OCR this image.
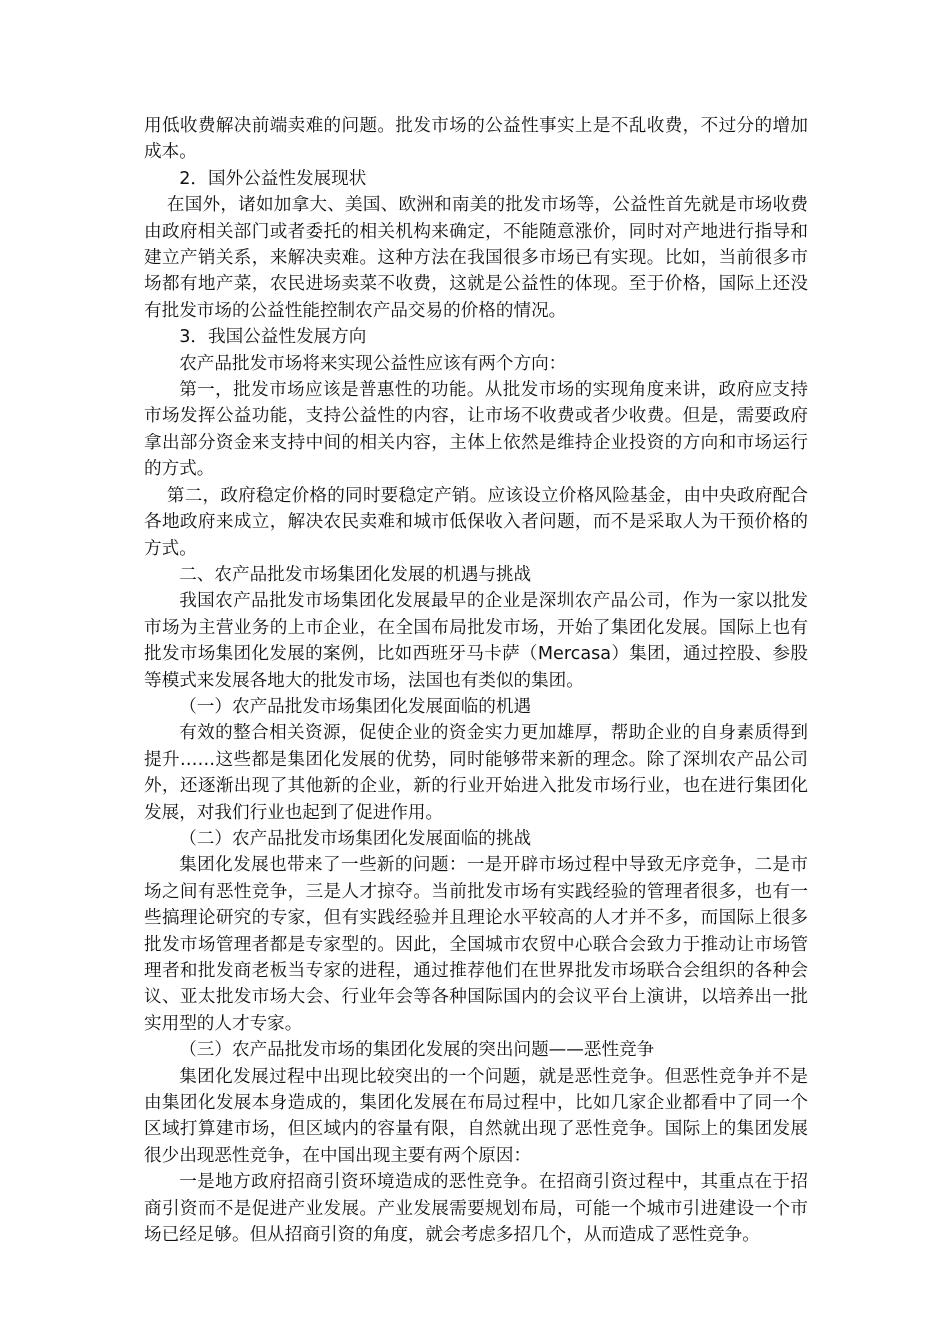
用低收费解决前端卖难的问题。批发市场的公益性事实上是不乱收费，不过分的增加成本。

2．国外公益性发展现状

在国外，诸如加拿大、美国、欧洲和南美的批发市场等，公益性首先就是市场收费由政府相关部门或者委托的相关机构来确定，不能随意涨价，同时对产地进行指导和建立产销关系，来解决卖难。这种方法在我国很多市场已有实现。比如，当前很多市场都有地产菜，农民进场卖菜不收费，这就是公益性的体现。至于价格，国际上还没有批发市场的公益性能控制农产品交易的价格的情况。

3．我国公益性发展方向

农产品批发市场将来实现公益性应该有两个方向：

第一，批发市场应该是普惠性的功能。从批发市场的实现角度来讲，政府应支持市场发挥公益功能，支持公益性的内容，让市场不收费或者少收费。但是，需要政府拿出部分资金来支持中间的相关内容，主体上依然是维持企业投资的方向和市场运行的方式。

第二，政府稳定价格的同时要稳定产销。应该设立价格风险基金，由中央政府配合各地政府来成立，解决农民卖难和城市低保收入者问题，而不是采取人为干预价格的方式。

二、农产品批发市场集团化发展的机遇与挑战

我国农产品批发市场集团化发展最早的企业是深圳农产品公司，作为一家以批发市场为主营业务的上市企业，在全国布局批发市场，开始了集团化发展。国际上也有批发市场集团化发展的案例，比如西班牙马卡萨（Mercasa）集团，通过控股、参股等模式来发展各地大的批发市场，法国也有类似的集团。

（一）农产品批发市场集团化发展面临的机遇

有效的整合相关资源，促使企业的资金实力更加雄厚，帮助企业的自身素质得到提升……这些都是集团化发展的优势，同时能够带来新的理念。除了深圳农产品公司外，还逐渐出现了其他新的企业，新的行业开始进入批发市场行业，也在进行集团化发展，对我们行业也起到了促进作用。

（二）农产品批发市场集团化发展面临的挑战

集团化发展也带来了一些新的问题：一是开辟市场过程中导致无序竞争，二是市场之间有恶性竞争，三是人才掠夺。当前批发市场有实践经验的管理者很多，也有一些搞理论研究的专家，但有实践经验并且理论水平较高的人才并不多，而国际上很多批发市场管理者都是专家型的。因此，全国城市农贸中心联合会致力于推动让市场管理者和批发商老板当专家的进程，通过推荐他们在世界批发市场联合会组织的各种会议、亚太批发市场大会、行业年会等各种国际国内的会议平台上演讲，以培养出一批实用型的人才专家。

（三）农产品批发市场的集团化发展的突出问题——恶性竞争

集团化发展过程中出现比较突出的一个问题，就是恶性竞争。但恶性竞争并不是由集团化发展本身造成的，集团化发展在布局过程中，比如几家企业都看中了同一个区域打算建市场，但区域内的容量有限，自然就出现了恶性竞争。国际上的集团发展很少出现恶性竞争，在中国出现主要有两个原因：

一是地方政府招商引资环境造成的恶性竞争。在招商引资过程中，其重点在于招商引资而不是促进产业发展。产业发展需要规划布局，可能一个城市引进建设一个市场已经足够。但从招商引资的角度，就会考虑多招几个，从而造成了恶性竞争。
